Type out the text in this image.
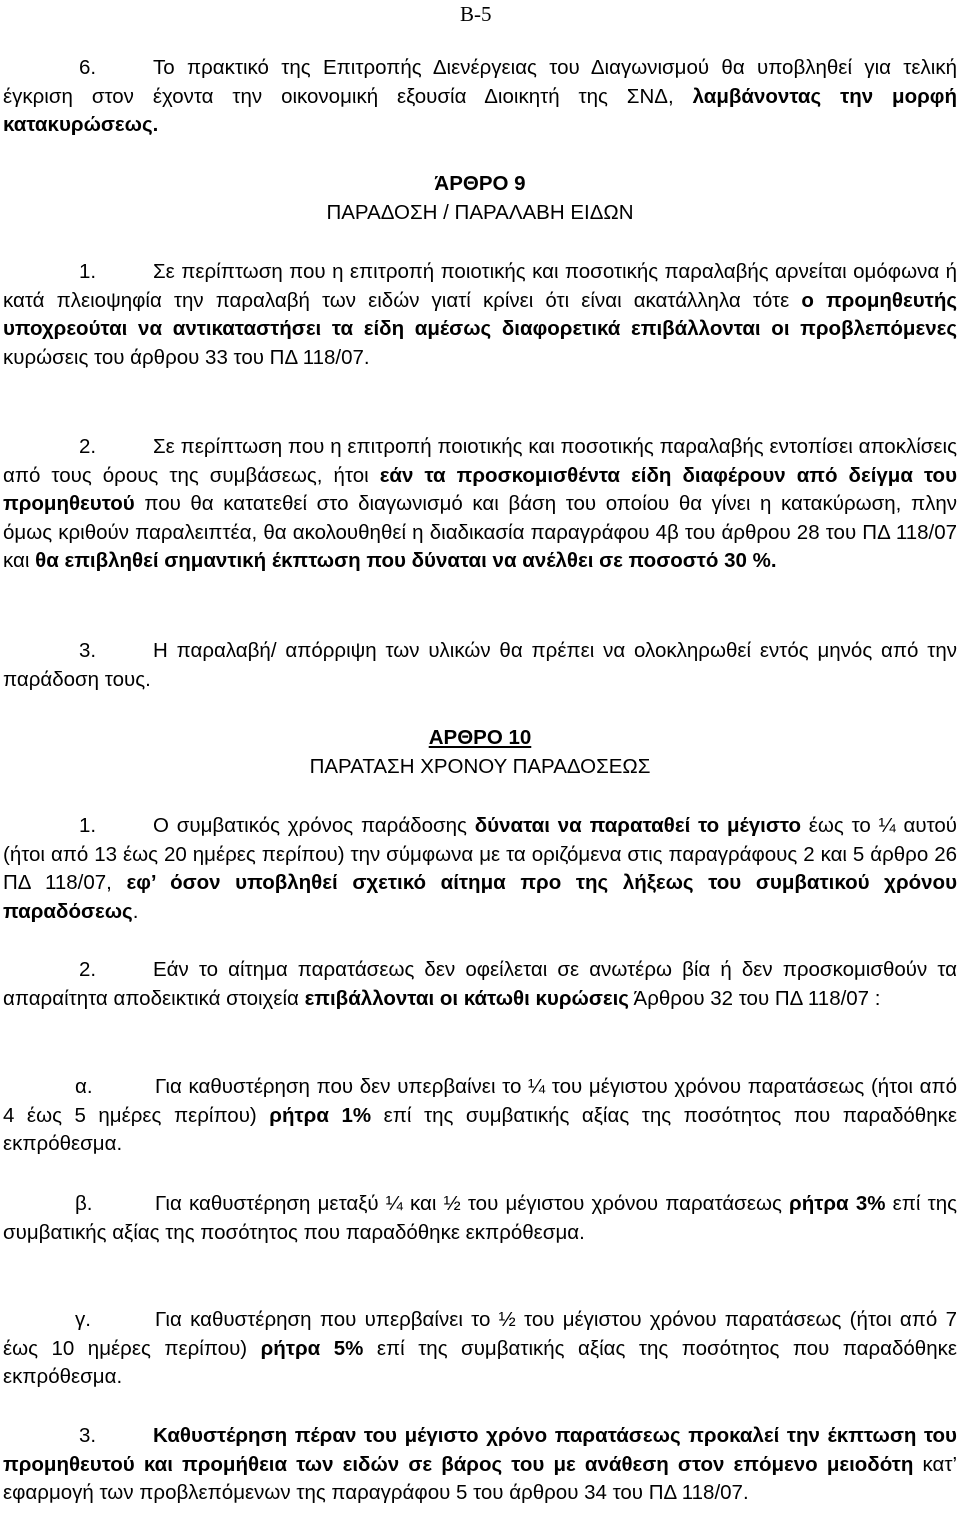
B-5

6.	Το πρακτικό της Επιτροπής Διενέργειας του Διαγωνισμού θα υποβληθεί για τελική έγκριση στον έχοντα την οικονομική εξουσία Διοικητή της ΣΝΔ, λαμβάνοντας την μορφή κατακυρώσεως.

ΆΡΘΡΟ 9

ΠΑΡΑΔΟΣΗ / ΠΑΡΑΛΑΒΗ ΕΙΔΩΝ

1.	Σε περίπτωση που η επιτροπή ποιοτικής και ποσοτικής παραλαβής αρνείται ομόφωνα ή κατά πλειοψηφία την παραλαβή των ειδών γιατί κρίνει ότι είναι ακατάλληλα τότε ο προμηθευτής υποχρεούται να αντικαταστήσει τα είδη αμέσως διαφορετικά επιβάλλονται οι προβλεπόμενες κυρώσεις του άρθρου 33 του ΠΔ 118/07.

2.	Σε περίπτωση που η επιτροπή ποιοτικής και ποσοτικής παραλαβής εντοπίσει αποκλίσεις από τους όρους της συμβάσεως, ήτοι εάν τα προσκομισθέντα είδη διαφέρουν από δείγμα του προμηθευτού που θα κατατεθεί στο διαγωνισμό και βάση του οποίου θα γίνει η κατακύρωση, πλην όμως κριθούν παραλειπτέα, θα ακολουθηθεί η διαδικασία παραγράφου 4β του άρθρου 28 του ΠΔ 118/07 και θα επιβληθεί σημαντική έκπτωση που δύναται να ανέλθει σε ποσοστό 30 %.

3.	Η παραλαβή/ απόρριψη των υλικών θα πρέπει να ολοκληρωθεί εντός μηνός από την παράδοση τους.

ΑΡΘΡΟ 10

ΠΑΡΑΤΑΣΗ ΧΡΟΝΟΥ ΠΑΡΑΔΟΣΕΩΣ

1.	Ο συμβατικός χρόνος παράδοσης δύναται να παραταθεί το μέγιστο έως το ¼ αυτού (ήτοι από 13 έως 20 ημέρες περίπου) την σύμφωνα με τα οριζόμενα στις παραγράφους 2 και 5 άρθρο 26 ΠΔ 118/07, εφ’ όσον υποβληθεί σχετικό αίτημα προ της λήξεως του συμβατικού χρόνου παραδόσεως.

2.	Εάν το αίτημα παρατάσεως δεν οφείλεται σε ανωτέρω βία ή δεν προσκομισθούν τα απαραίτητα αποδεικτικά στοιχεία επιβάλλονται οι κάτωθι κυρώσεις Άρθρου 32 του ΠΔ 118/07 :

α.	Για καθυστέρηση που δεν υπερβαίνει το ¼ του μέγιστου χρόνου παρατάσεως (ήτοι από 4 έως 5 ημέρες περίπου) ρήτρα 1% επί της συμβατικής αξίας της ποσότητος που παραδόθηκε εκπρόθεσμα.

β.	Για καθυστέρηση μεταξύ ¼ και ½ του μέγιστου χρόνου παρατάσεως ρήτρα 3% επί της συμβατικής αξίας της ποσότητος που παραδόθηκε εκπρόθεσμα.

γ.	Για καθυστέρηση που υπερβαίνει το ½ του μέγιστου χρόνου παρατάσεως (ήτοι από 7 έως 10 ημέρες περίπου) ρήτρα 5% επί της συμβατικής αξίας της ποσότητος που παραδόθηκε εκπρόθεσμα.

3.	Καθυστέρηση πέραν του μέγιστο χρόνο παρατάσεως προκαλεί την έκπτωση του προμηθευτού και προμήθεια των ειδών σε βάρος του με ανάθεση στον επόμενο μειοδότη κατ’ εφαρμογή των προβλεπόμενων της παραγράφου 5 του άρθρου 34 του ΠΔ 118/07.
